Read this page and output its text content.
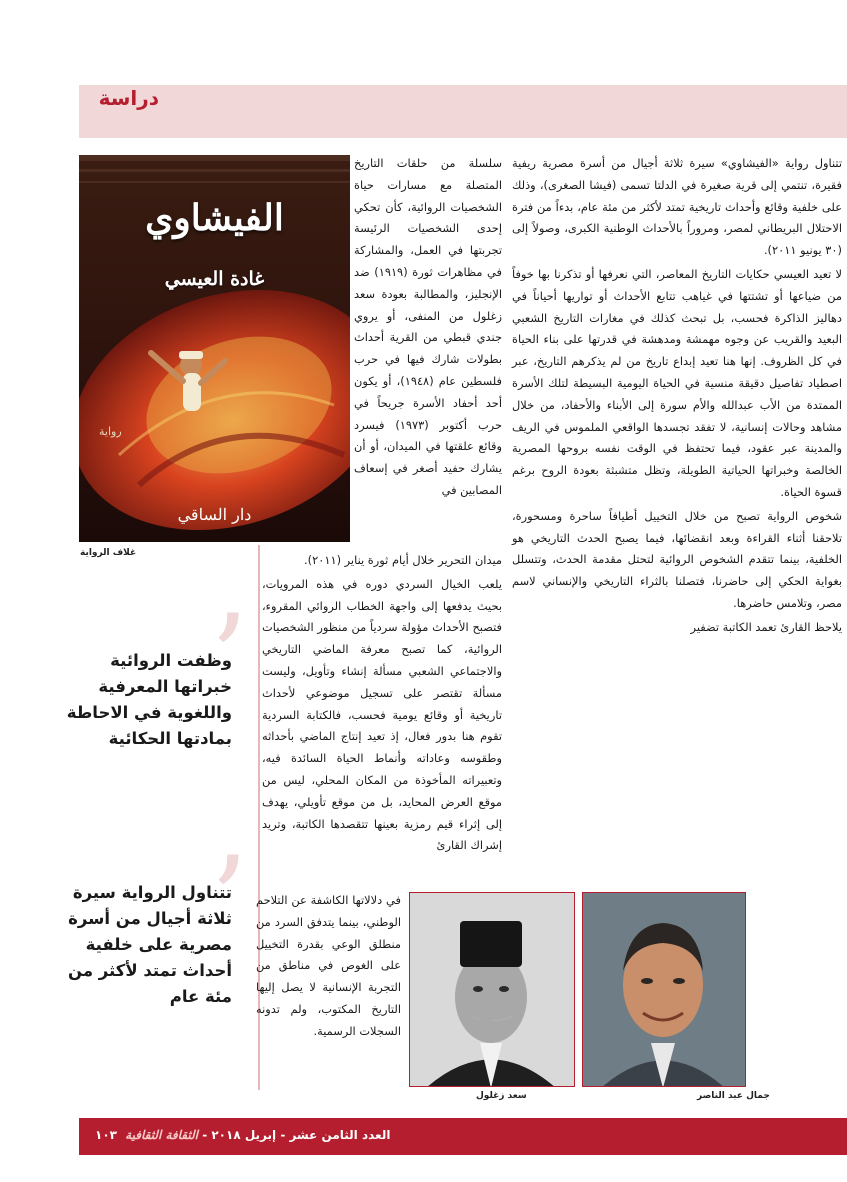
دراسة

تتناول رواية «الفيشاوي» سيرة ثلاثة أجيال من أسرة مصرية ريفية فقيرة، تنتمي إلى قرية صغيرة في الدلتا تسمى (فيشا الصغرى)، وذلك على خلفية وقائع وأحداث تاريخية تمتد لأكثر من مئة عام، بدءاً من فترة الاحتلال البريطاني لمصر، ومروراً بالأحداث الوطنية الكبرى، وصولاً إلى (٣٠ يونيو ٢٠١١).

لا تعيد العيسي حكايات التاريخ المعاصر، التي نعرفها أو تذكرنا بها خوفاً من ضياعها أو تشتتها في غياهب تتابع الأحداث أو تواريها أحياناً في دهاليز الذاكرة فحسب، بل تبحث كذلك في مغارات التاريخ الشعبي البعيد والقريب عن وجوه مهمشة ومدهشة في قدرتها على بناء الحياة في كل الظروف. إنها هنا تعيد إبداع تاريخ من لم يذكرهم التاريخ، عبر اصطياد تفاصيل دقيقة منسية في الحياة اليومية البسيطة لتلك الأسرة الممتدة من الأب عبدالله والأم سورة إلى الأبناء والأحفاد، من خلال مشاهد وحالات إنسانية، لا تفقد تجسدها الواقعي الملموس في الريف والمدينة عبر عقود، فيما تحتفظ في الوقت نفسه بروحها المصرية الخالصة وخبراتها الحياتية الطويلة، وتظل متشبثة بعودة الروح برغم قسوة الحياة.

شخوص الرواية تصبح من خلال التخييل أطيافاً ساحرة ومسحورة، تلاحقنا أثناء القراءة وبعد انقضائها، فيما يصبح الحدث التاريخي هو الخلفية، بينما تتقدم الشخوص الروائية لتحتل مقدمة الحدث، وتتسلل بغواية الحكي إلى حاضرنا، فتصلنا بالثراء التاريخي والإنساني لاسم مصر، وتلامس حاضرها.

يلاحظ القارئ تعمد الكاتبة تضفير

سلسلة من حلقات التاريخ المتصلة مع مسارات حياة الشخصيات الروائية، كأن تحكي إحدى الشخصيات الرئيسة تجربتها في العمل، والمشاركة في مظاهرات ثورة (١٩١٩) ضد الإنجليز، والمطالبة بعودة سعد زغلول من المنفى، أو يروي جندي قبطي من القرية أحداث بطولات شارك فيها في حرب فلسطين عام (١٩٤٨)، أو يكون أحد أحفاد الأسرة جريحاً في حرب أكتوبر (١٩٧٣) فيسرد وقائع علقتها في الميدان، أو أن يشارك حفيد أصغر في إسعاف المصابين في

الفيشاوي
غادة العيسي
رواية
دار الساقي
غلاف الرواية	ميدان التحرير خلال أيام ثورة يناير (٢٠١١).

يلعب الخيال السردي دوره في هذه المرويات، بحيث يدفعها إلى واجهة الخطاب الروائي المقروء، فتصبح الأحداث مؤولة سردياً من منظور الشخصيات الروائية، كما تصبح معرفة الماضي التاريخي والاجتماعي الشعبي مسألة إنشاء وتأويل، وليست مسألة تقتصر على تسجيل موضوعي لأحداث تاريخية أو وقائع يومية فحسب، فالكتابة السردية تقوم هنا بدور فعال، إذ تعيد إنتاج الماضي بأحداثه وطقوسه وعاداته وأنماط الحياة السائدة فيه، وتعبيراته المأخوذة من المكان المحلي، ليس من موقع العرض المحايد، بل من موقع تأويلي، يهدف إلى إثراء قيم رمزية بعينها تتقصدها الكاتبة، وتريد إشراك القارئ

’
وظفت الروائية خبراتها المعرفية واللغوية في الاحاطة بمادتها الحكائية
’
تتناول الرواية سيرة ثلاثة أجيال من أسرة مصرية على خلفية أحداث تمتد لأكثر من مئة عام

في دلالاتها الكاشفة عن التلاحم الوطني، بينما يتدفق السرد من منطلق الوعي بقدرة التخييل على الغوص في مناطق من التجربة الإنسانية لا يصل إليها التاريخ المكتوب، ولم تدونه السجلات الرسمية.

جمال عبد الناصر
سعد زغلول
العدد الثامن عشر - إبريل ٢٠١٨ - الثقافة الثقافية ١٠٣
